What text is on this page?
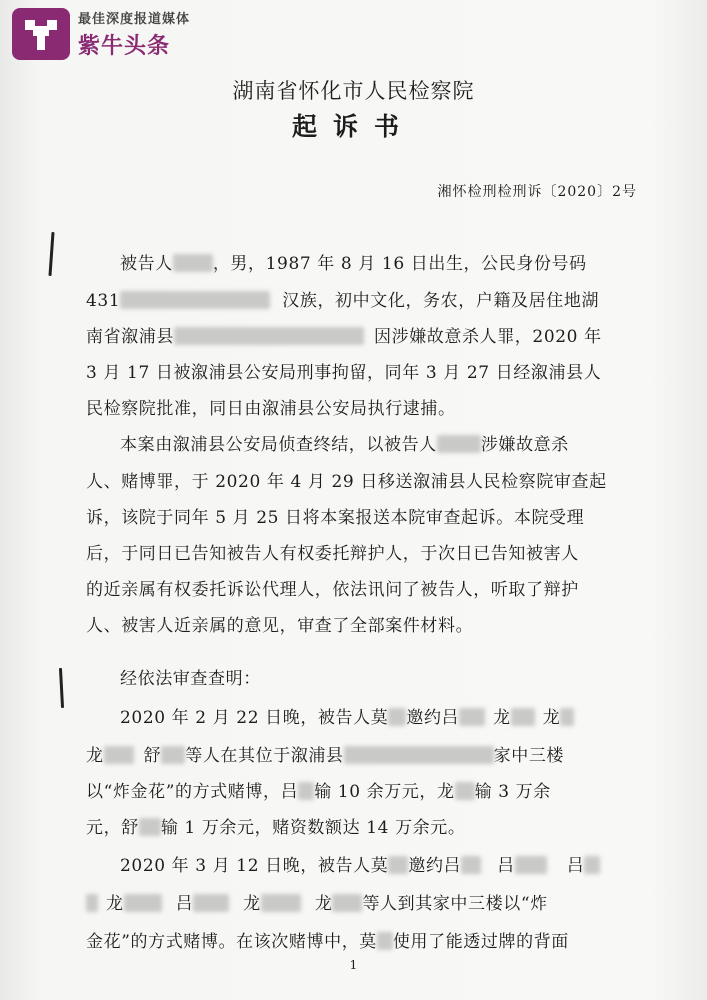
最佳深度报道媒体
紫牛头条
湖南省怀化市人民检察院
起诉书
湘怀检刑检刑诉〔2020〕2号
被告人 ，男，1987 年 8 月 16 日出生，公民身份号码
431	汉族，初中文化，务农，户籍及居住地湖
南省溆浦县	因涉嫌故意杀人罪，2020 年
3 月 17 日被溆浦县公安局刑事拘留，同年 3 月 27 日经溆浦县人
民检察院批准，同日由溆浦县公安局执行逮捕。
本案由溆浦县公安局侦查终结，以被告人	涉嫌故意杀
人、赌博罪，于 2020 年 4 月 29 日移送溆浦县人民检察院审查起
诉，该院于同年 5 月 25 日将本案报送本院审查起诉。本院受理
后，于同日已告知被告人有权委托辩护人，于次日已告知被害人
的近亲属有权委托诉讼代理人，依法讯问了被告人，听取了辩护
人、被害人近亲属的意见，审查了全部案件材料。
经依法审查查明：
2020 年 2 月 22 日晚，被告人莫 邀约吕 龙 龙
龙 舒 等人在其位于溆浦县	家中三楼
以“炸金花”的方式赌博，吕 输 10 余万元，龙 输 3 万余
元，舒 输 1 万余元，赌资数额达 14 万余元。
2020 年 3 月 12 日晚，被告人莫 邀约吕 吕	吕
龙	吕	龙	龙 等人到其家中三楼以“炸
金花”的方式赌博。在该次赌博中，莫 使用了能透过牌的背面
1
